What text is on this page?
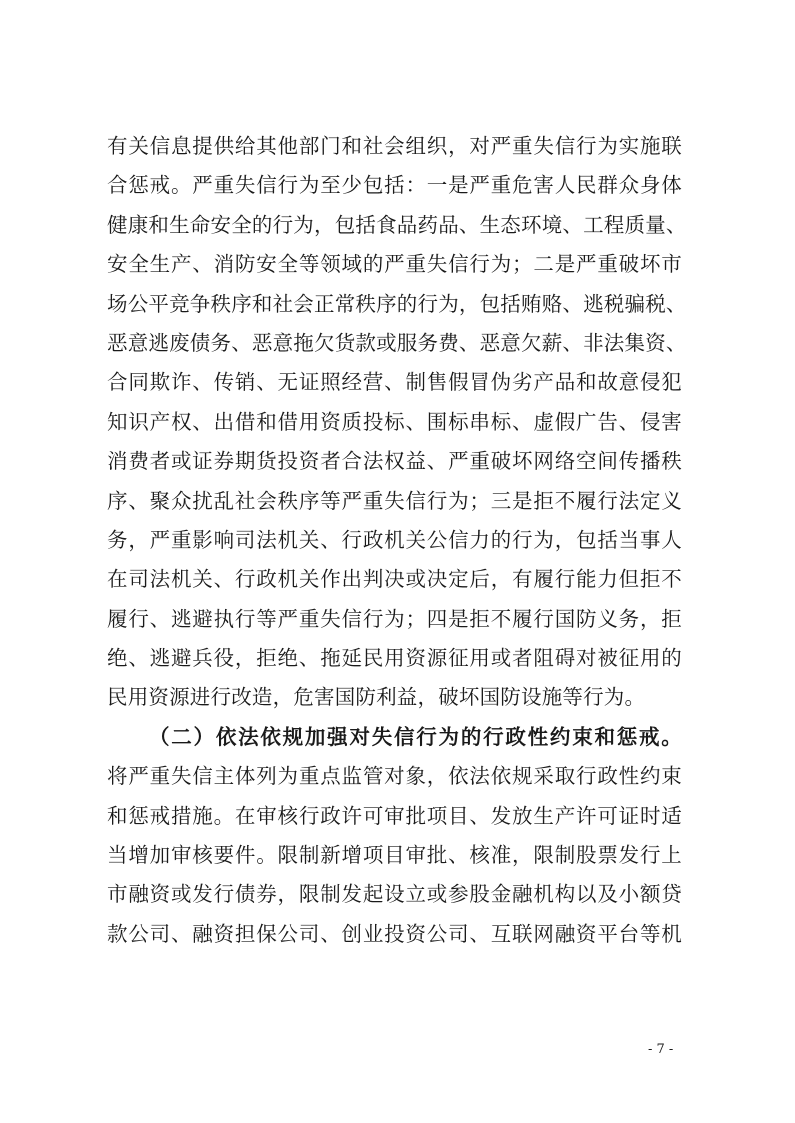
有关信息提供给其他部门和社会组织，对严重失信行为实施联
合惩戒。严重失信行为至少包括：一是严重危害人民群众身体
健康和生命安全的行为，包括食品药品、生态环境、工程质量、
安全生产、消防安全等领域的严重失信行为；二是严重破坏市
场公平竞争秩序和社会正常秩序的行为，包括贿赂、逃税骗税、
恶意逃废债务、恶意拖欠货款或服务费、恶意欠薪、非法集资、
合同欺诈、传销、无证照经营、制售假冒伪劣产品和故意侵犯
知识产权、出借和借用资质投标、围标串标、虚假广告、侵害
消费者或证券期货投资者合法权益、严重破坏网络空间传播秩
序、聚众扰乱社会秩序等严重失信行为；三是拒不履行法定义
务，严重影响司法机关、行政机关公信力的行为，包括当事人
在司法机关、行政机关作出判决或决定后，有履行能力但拒不
履行、逃避执行等严重失信行为；四是拒不履行国防义务，拒
绝、逃避兵役，拒绝、拖延民用资源征用或者阻碍对被征用的
民用资源进行改造，危害国防利益，破坏国防设施等行为。
（二）依法依规加强对失信行为的行政性约束和惩戒。
将严重失信主体列为重点监管对象，依法依规采取行政性约束
和惩戒措施。在审核行政许可审批项目、发放生产许可证时适
当增加审核要件。限制新增项目审批、核准，限制股票发行上
市融资或发行债券，限制发起设立或参股金融机构以及小额贷
款公司、融资担保公司、创业投资公司、互联网融资平台等机
- 7 -
